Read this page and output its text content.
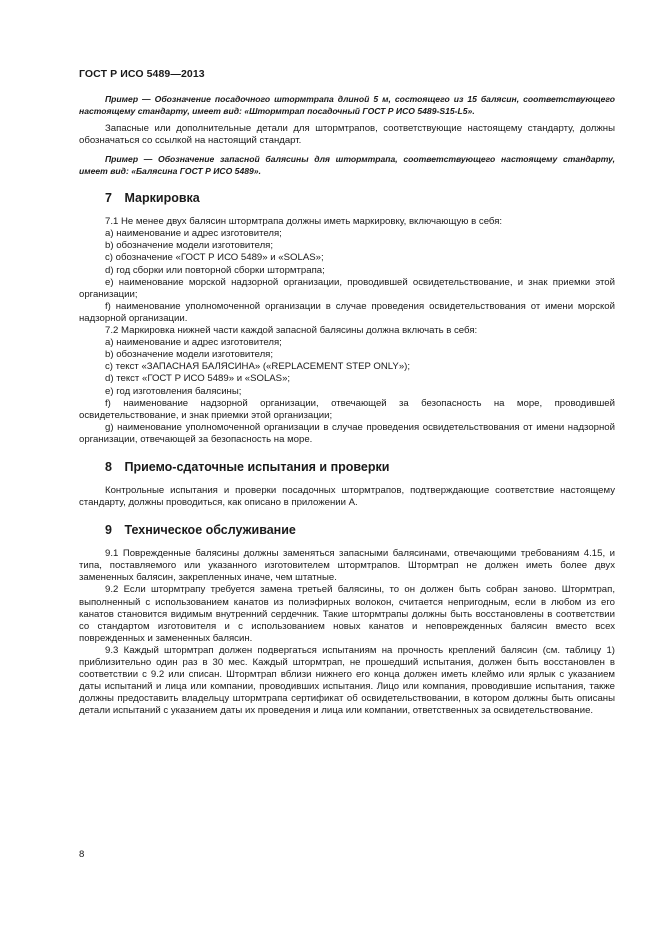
ГОСТ Р ИСО 5489—2013

Пример — Обозначение посадочного штормтрапа длиной 5 м, состоящего из 15 балясин, соответствующего настоящему стандарту, имеет вид: «Штормтрап посадочный ГОСТ Р ИСО 5489-S15-L5».

Запасные или дополнительные детали для штормтрапов, соответствующие настоящему стандарту, должны обозначаться со ссылкой на настоящий стандарт.

Пример — Обозначение запасной балясины для штормтрапа, соответствующего настоящему стандарту, имеет вид: «Балясина ГОСТ Р ИСО 5489».

7 Маркировка

7.1 Не менее двух балясин штормтрапа должны иметь маркировку, включающую в себя:

a) наименование и адрес изготовителя;

b) обозначение модели изготовителя;

c) обозначение «ГОСТ Р ИСО 5489» и «SOLAS»;

d) год сборки или повторной сборки штормтрапа;

e) наименование морской надзорной организации, проводившей освидетельствование, и знак приемки этой организации;

f) наименование уполномоченной организации в случае проведения освидетельствования от имени морской надзорной организации.

7.2 Маркировка нижней части каждой запасной балясины должна включать в себя:

a) наименование и адрес изготовителя;

b) обозначение модели изготовителя;

c) текст «ЗАПАСНАЯ БАЛЯСИНА» («REPLACEMENT STEP ONLY»);

d) текст «ГОСТ Р ИСО 5489» и «SOLAS»;

e) год изготовления балясины;

f) наименование надзорной организации, отвечающей за безопасность на море, проводившей освидетельствование, и знак приемки этой организации;

g) наименование уполномоченной организации в случае проведения освидетельствования от имени надзорной организации, отвечающей за безопасность на море.

8 Приемо-сдаточные испытания и проверки

Контрольные испытания и проверки посадочных штормтрапов, подтверждающие соответствие настоящему стандарту, должны проводиться, как описано в приложении А.

9 Техническое обслуживание

9.1 Поврежденные балясины должны заменяться запасными балясинами, отвечающими требованиям 4.15, и типа, поставляемого или указанного изготовителем штормтрапов. Штормтрап не должен иметь более двух замененных балясин, закрепленных иначе, чем штатные.

9.2 Если штормтрапу требуется замена третьей балясины, то он должен быть собран заново. Штормтрап, выполненный с использованием канатов из полиэфирных волокон, считается непригодным, если в любом из его канатов становится видимым внутренний сердечник. Такие штормтрапы должны быть восстановлены в соответствии со стандартом изготовителя и с использованием новых канатов и неповрежденных балясин вместо всех поврежденных и замененных балясин.

9.3 Каждый штормтрап должен подвергаться испытаниям на прочность креплений балясин (см. таблицу 1) приблизительно один раз в 30 мес. Каждый штормтрап, не прошедший испытания, должен быть восстановлен в соответствии с 9.2 или списан. Штормтрап вблизи нижнего его конца должен иметь клеймо или ярлык с указанием даты испытаний и лица или компании, проводивших испытания. Лицо или компания, проводившие испытания, также должны предоставить владельцу штормтрапа сертификат об освидетельствовании, в котором должны быть описаны детали испытаний с указанием даты их проведения и лица или компании, ответственных за освидетельствование.

8
